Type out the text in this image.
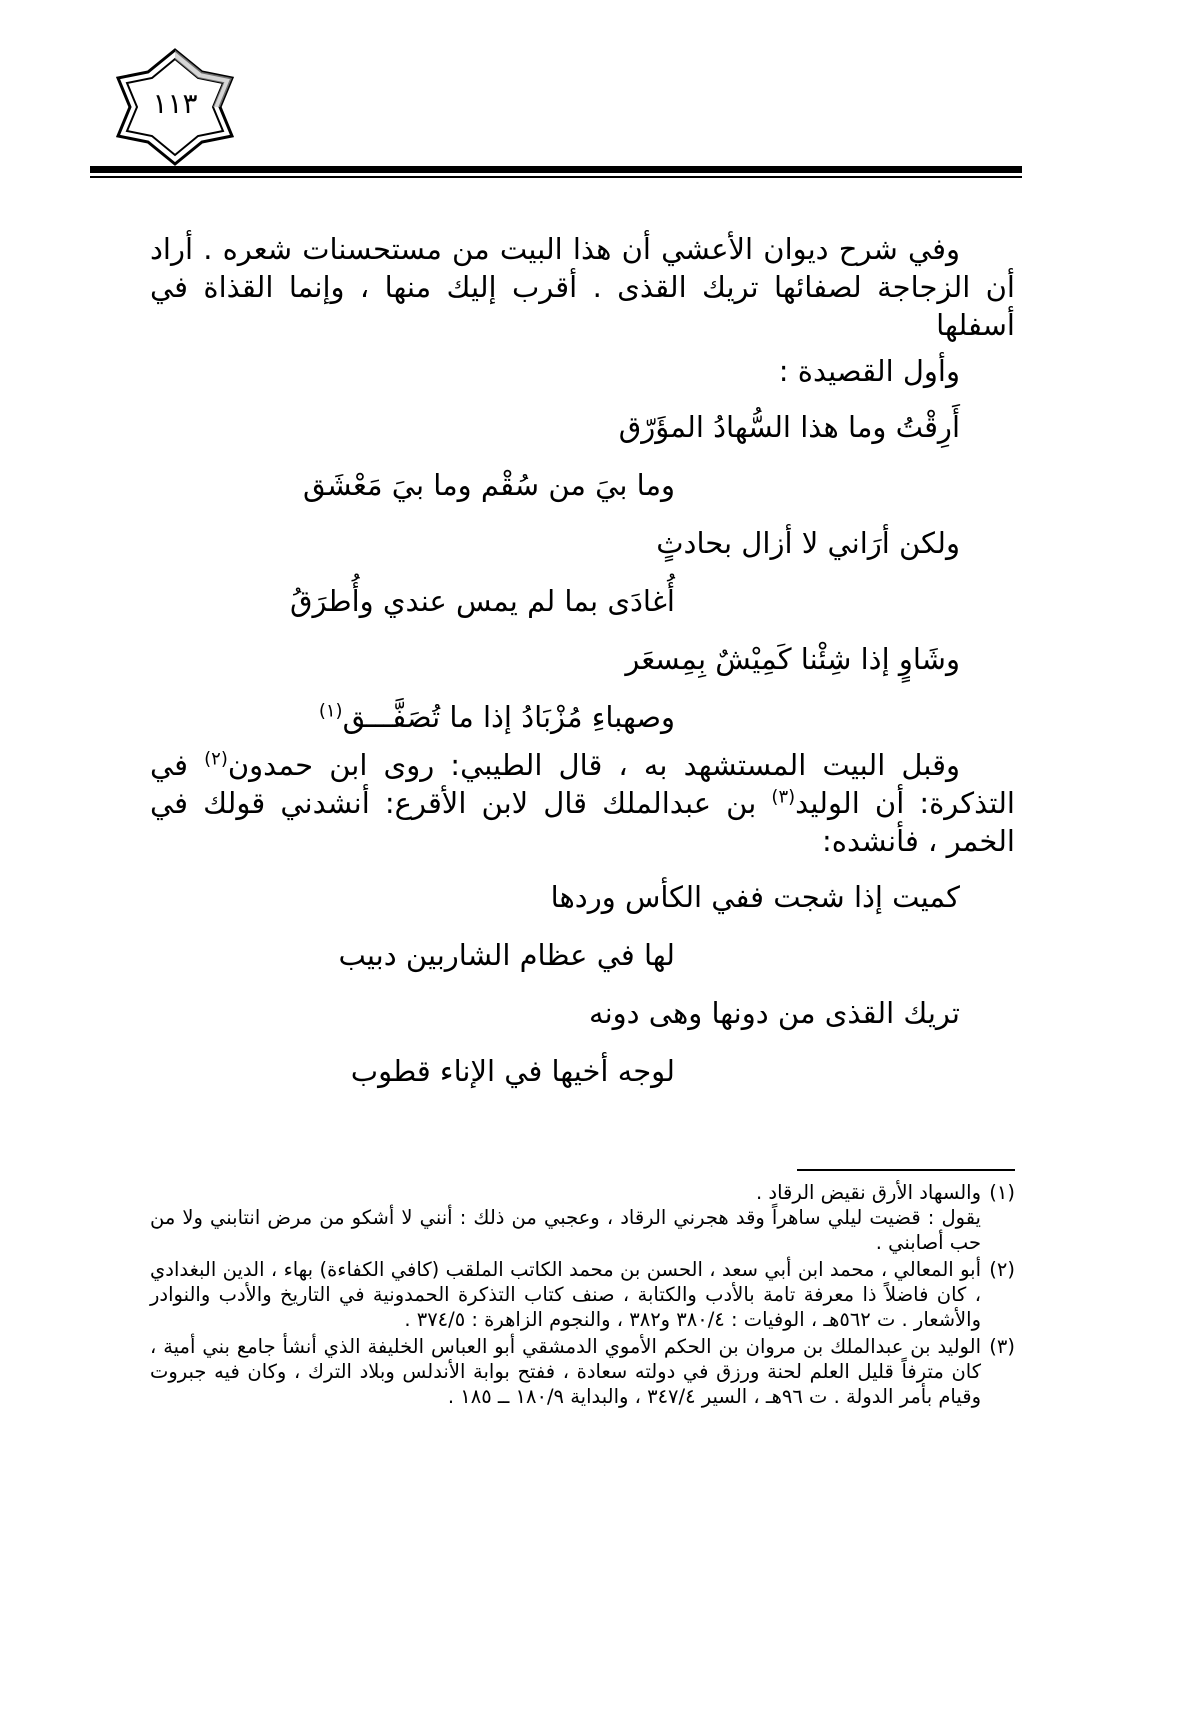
١١٣

وفي شرح ديوان الأعشي أن هذا البيت من مستحسنات شعره . أراد أن الزجاجة لصفائها تريك القذى . أقرب إليك منها ، وإنما القذاة في أسفلها

وأول القصيدة :

أَرِقْتُ وما هذا السُّهادُ المؤَرّق
وما بيَ من سُقْم وما بيَ مَعْشَق
ولكن أرَاني لا أزال بحادثٍ
أُغادَى بما لم يمس عندي وأُطرَقُ
وشَاوٍ إذا شِئْنا كَمِيْشٌ بِمِسعَر
وصهباءِ مُزْبَادُ إذا ما تُصَفَّـــق$^{(١)}$

وقبل البيت المستشهد به ، قال الطيبي: روى ابن حمدون$^{(٢)}$ في التذكرة: أن الوليد$^{(٣)}$ بن عبدالملك قال لابن الأقرع: أنشدني قولك في الخمر ، فأنشده:

كميت إذا شجت ففي الكأس وردها
لها في عظام الشاربين دبيب
تريك القذى من دونها وهى دونه
لوجه أخيها في الإناء قطوب
(١)

والسهاد الأرق نقيض الرقاد .

يقول : قضيت ليلي ساهراً وقد هجرني الرقاد ، وعجبي من ذلك : أنني لا أشكو من مرض انتابني ولا من حب أصابني .

(٢)

أبو المعالي ، محمد ابن أبي سعد ، الحسن بن محمد الكاتب الملقب (كافي الكفاءة) بهاء ، الدين البغدادي ، كان فاضلاً ذا معرفة تامة بالأدب والكتابة ، صنف كتاب التذكرة الحمدونية في التاريخ والأدب والنوادر والأشعار . ت ٥٦٢هـ ، الوفيات : ٣٨٠/٤ و٣٨٢ ، والنجوم الزاهرة : ٣٧٤/٥ .

(٣)

الوليد بن عبدالملك بن مروان بن الحكم الأموي الدمشقي أبو العباس الخليفة الذي أنشأ جامع بني أمية ، كان مترفاً قليل العلم لحنة ورزق في دولته سعادة ، ففتح بوابة الأندلس وبلاد الترك ، وكان فيه جبروت وقيام بأمر الدولة . ت ٩٦هـ ، السير ٣٤٧/٤ ، والبداية ١٨٠/٩ ــ ١٨٥ .
